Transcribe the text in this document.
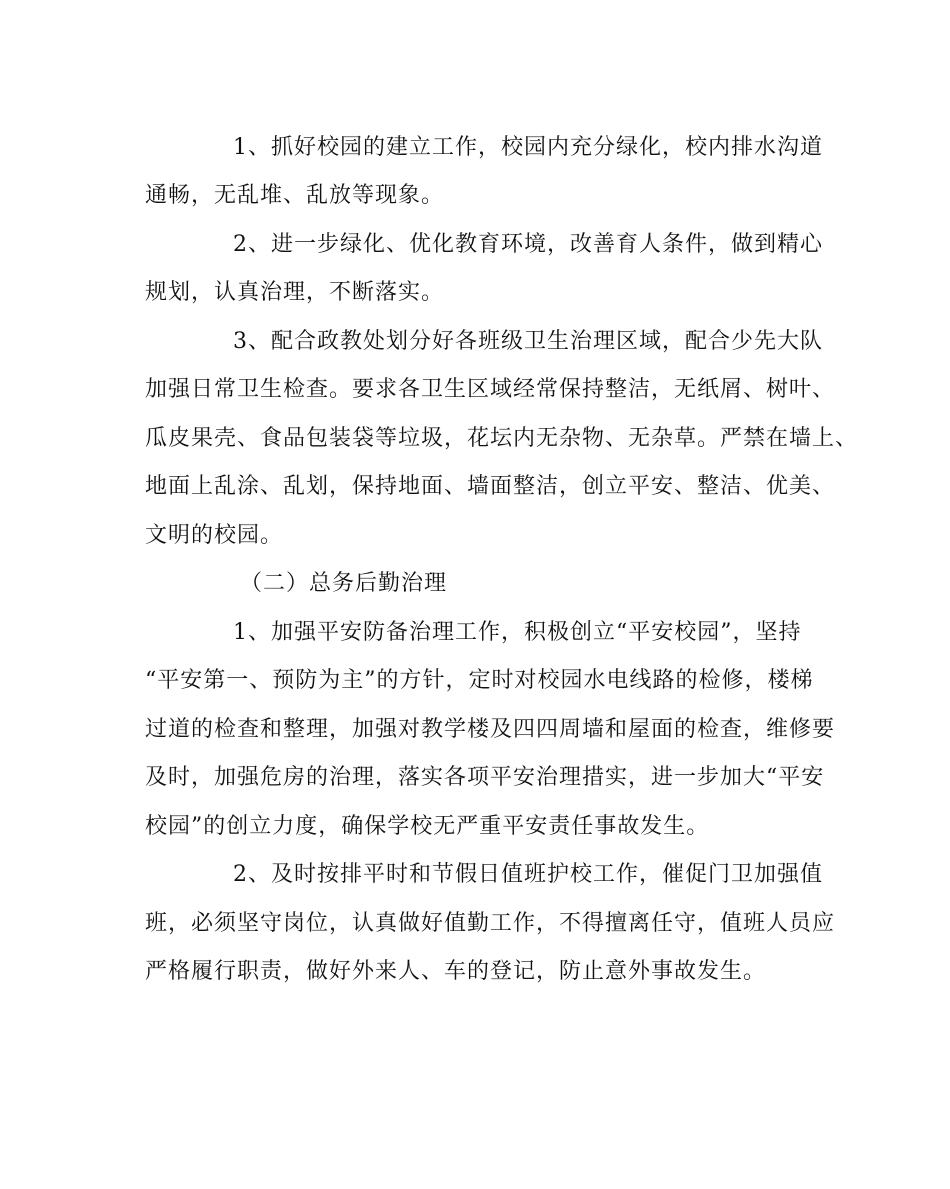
1、抓好校园的建立工作，校园内充分绿化，校内排水沟道

通畅，无乱堆、乱放等现象。

2、进一步绿化、优化教育环境，改善育人条件，做到精心

规划，认真治理，不断落实。

3、配合政教处划分好各班级卫生治理区域，配合少先大队

加强日常卫生检查。要求各卫生区域经常保持整洁，无纸屑、树叶、

瓜皮果壳、食品包装袋等垃圾，花坛内无杂物、无杂草。严禁在墙上、

地面上乱涂、乱划，保持地面、墙面整洁，创立平安、整洁、优美、

文明的校园。

（二）总务后勤治理

1、加强平安防备治理工作，积极创立“平安校园”，坚持

“平安第一、预防为主”的方针，定时对校园水电线路的检修，楼梯

过道的检查和整理，加强对教学楼及四四周墙和屋面的检查，维修要

及时，加强危房的治理，落实各项平安治理措实，进一步加大“平安

校园”的创立力度，确保学校无严重平安责任事故发生。

2、及时按排平时和节假日值班护校工作，催促门卫加强值

班，必须坚守岗位，认真做好值勤工作，不得擅离任守，值班人员应

严格履行职责，做好外来人、车的登记，防止意外事故发生。
